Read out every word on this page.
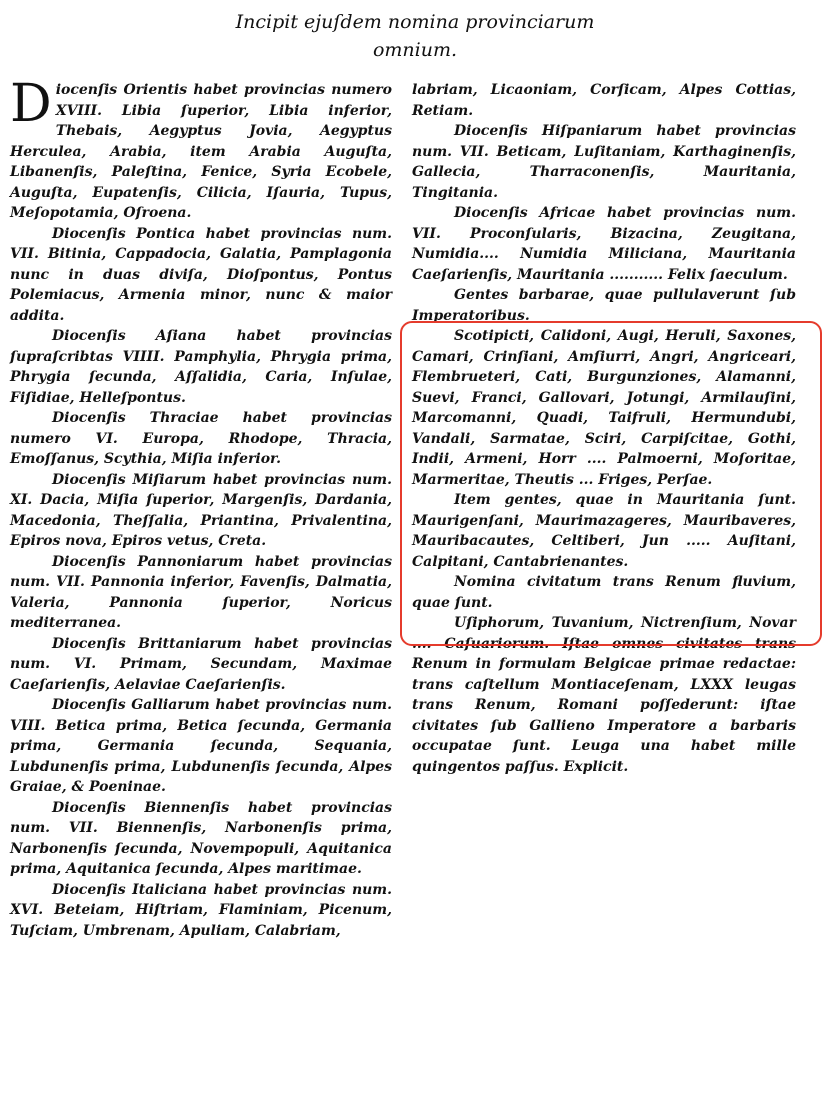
Incipit ejuſdem nomina provinciarum
omnium.

Diocenſis Orientis habet provincias numero XVIII. Libia ſuperior, Libia inferior, Thebais, Aegyptus Jovia, Aegyptus Herculea, Arabia, item Arabia Auguſta, Libanenſis, Paleſtina, Fenice, Syria Ecobele, Auguſta, Eupatenſis, Cilicia, Iſauria, Tupus, Meſopotamia, Oſroena.

Diocenſis Pontica habet provincias num. VII. Bitinia, Cappadocia, Galatia, Pamplagonia nunc in duas diviſa, Dioſpontus, Pontus Polemiacus, Armenia minor, nunc & maior addita.

Diocenſis Aſiana habet provincias ſupraſcribtas VIIII. Pamphylia, Phrygia prima, Phrygia ſecunda, Aſſalidia, Caria, Inſulae, Fiſidiae, Helleſpontus.

Diocenſis Thraciae habet provincias numero VI. Europa, Rhodope, Thracia, Emoſſanus, Scythia, Miſia inferior.

Diocenſis Miſiarum habet provincias num. XI. Dacia, Miſia ſuperior, Margenſis, Dardania, Macedonia, Theſſalia, Priantina, Privalentina, Epiros nova, Epiros vetus, Creta.

Diocenſis Pannoniarum habet provincias num. VII. Pannonia inferior, Favenſis, Dalmatia, Valeria, Pannonia ſuperior, Noricus mediterranea.

Diocenſis Brittaniarum habet provincias num. VI. Primam, Secundam, Maximae Caeſarienſis, Aelaviae Caeſarienſis.

Diocenſis Galliarum habet provincias num. VIII. Betica prima, Betica ſecunda, Germania prima, Germania ſecunda, Sequania, Lubdunenſis prima, Lubdunenſis ſecunda, Alpes Graiae, & Poeninae.

Diocenſis Biennenſis habet provincias num. VII. Biennenſis, Narbonenſis prima, Narbonenſis ſecunda, Novempopuli, Aquitanica prima, Aquitanica ſecunda, Alpes maritimae.

Diocenſis Italiciana habet provincias num. XVI. Beteiam, Hiſtriam, Flaminiam, Picenum, Tuſciam, Umbrenam, Apuliam, Calabriam,

labriam, Licaoniam, Corſicam, Alpes Cottias, Retiam.

Diocenſis Hiſpaniarum habet provincias num. VII. Beticam, Luſitaniam, Karthaginenſis, Gallecia, Tharraconenſis, Mauritania, Tingitania.

Diocenſis Africae habet provincias num. VII. Proconſularis, Bizacina, Zeugitana, Numidia.... Numidia Miliciana, Mauritania Caeſarienſis, Mauritania ........... Felix ſaeculum.

Gentes barbarae, quae pullulaverunt ſub Imperatoribus.

Scotipicti, Calidoni, Augi, Heruli, Saxones, Camari, Crinſiani, Amſiurri, Angri, Angriceari, Flembrueteri, Cati, Burgunziones, Alamanni, Suevi, Franci, Gallovari, Jotungi, Armilauſini, Marcomanni, Quadi, Taifruli, Hermundubi, Vandali, Sarmatae, Sciri, Carpiſcitae, Gothi, Indii, Armeni, Horr .... Palmoerni, Moſoritae, Marmeritae, Theutis ... Friges, Perſae.

Item gentes, quae in Mauritania ſunt. Maurigenſani, Maurimazageres, Mauribaveres, Mauribacautes, Celtiberi, Jun ..... Auſitani, Calpitani, Cantabrienantes.

Nomina civitatum trans Renum fluvium, quae ſunt.

Uſiphorum, Tuvanium, Nictrenſium, Novar .... Caſuariorum. Iſtae omnes civitates trans Renum in formulam Belgicae primae redactae: trans caſtellum Montiaceſenam, LXXX leugas trans Renum, Romani poſſederunt: iſtae civitates ſub Gallieno Imperatore a barbaris occupatae ſunt. Leuga una habet mille quingentos paſſus. Explicit.
